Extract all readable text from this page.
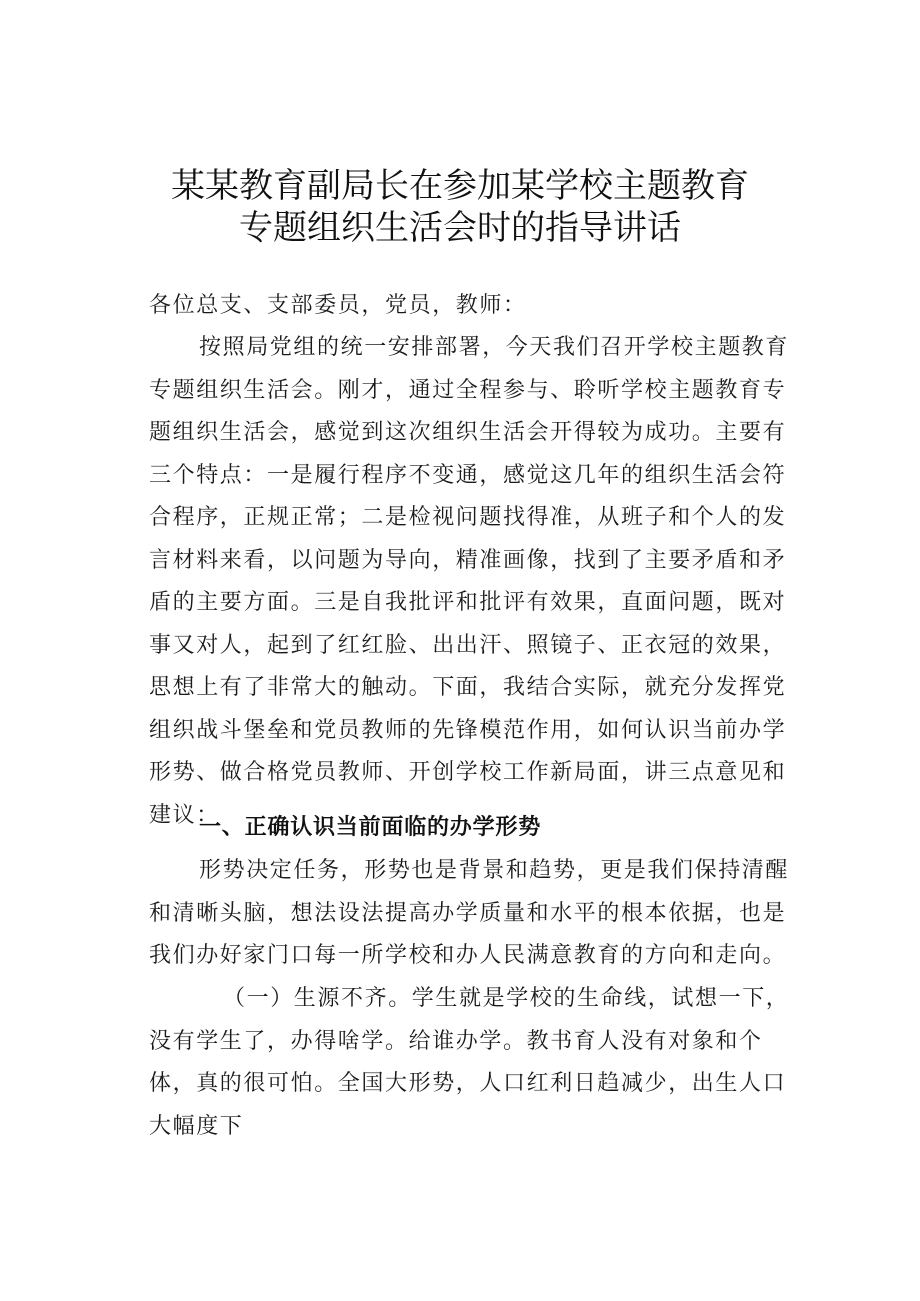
某某教育副局长在参加某学校主题教育
专题组织生活会时的指导讲话

各位总支、支部委员，党员，教师：

按照局党组的统一安排部署，今天我们召开学校主题教育专题组织生活会。刚才，通过全程参与、聆听学校主题教育专题组织生活会，感觉到这次组织生活会开得较为成功。主要有三个特点：一是履行程序不变通，感觉这几年的组织生活会符合程序，正规正常；二是检视问题找得准，从班子和个人的发言材料来看，以问题为导向，精准画像，找到了主要矛盾和矛盾的主要方面。三是自我批评和批评有效果，直面问题，既对事又对人，起到了红红脸、出出汗、照镜子、正衣冠的效果，思想上有了非常大的触动。下面，我结合实际，就充分发挥党组织战斗堡垒和党员教师的先锋模范作用，如何认识当前办学形势、做合格党员教师、开创学校工作新局面，讲三点意见和建议：

一、正确认识当前面临的办学形势

形势决定任务，形势也是背景和趋势，更是我们保持清醒和清晰头脑，想法设法提高办学质量和水平的根本依据，也是我们办好家门口每一所学校和办人民满意教育的方向和走向。

（一）生源不齐。学生就是学校的生命线，试想一下，没有学生了，办得啥学。给谁办学。教书育人没有对象和个体，真的很可怕。全国大形势，人口红利日趋减少，出生人口大幅度下
